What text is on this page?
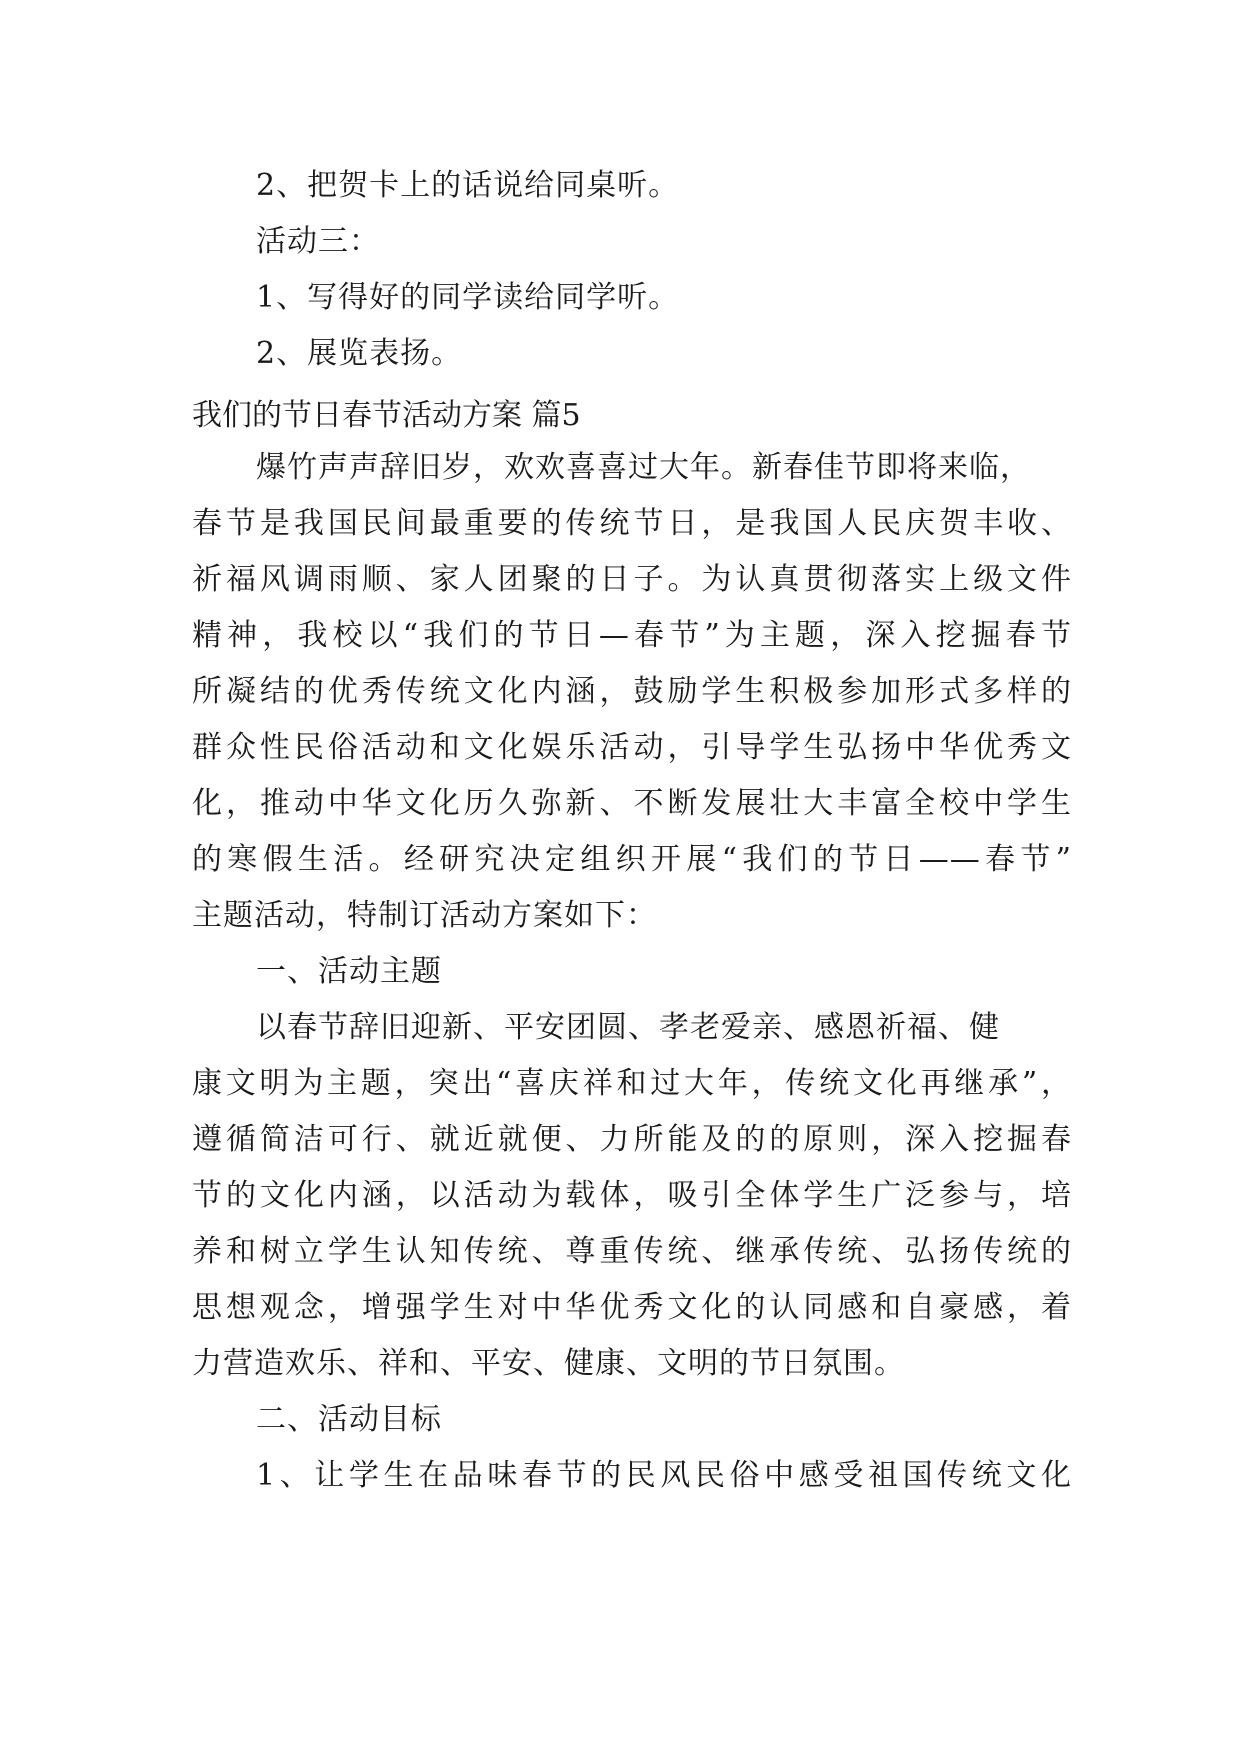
2、把贺卡上的话说给同桌听。
活动三：
1、写得好的同学读给同学听。
2、展览表扬。
我们的节日春节活动方案 篇5
爆竹声声辞旧岁，欢欢喜喜过大年。新春佳节即将来临，
春节是我国民间最重要的传统节日，是我国人民庆贺丰收、
祈福风调雨顺、家人团聚的日子。为认真贯彻落实上级文件
精神，我校以“我们的节日—春节”为主题，深入挖掘春节
所凝结的优秀传统文化内涵，鼓励学生积极参加形式多样的
群众性民俗活动和文化娱乐活动，引导学生弘扬中华优秀文
化，推动中华文化历久弥新、不断发展壮大丰富全校中学生
的寒假生活。经研究决定组织开展“我们的节日——春节”
主题活动，特制订活动方案如下：
一、活动主题
以春节辞旧迎新、平安团圆、孝老爱亲、感恩祈福、健
康文明为主题，突出“喜庆祥和过大年，传统文化再继承”，
遵循简洁可行、就近就便、力所能及的的原则，深入挖掘春
节的文化内涵，以活动为载体，吸引全体学生广泛参与，培
养和树立学生认知传统、尊重传统、继承传统、弘扬传统的
思想观念，增强学生对中华优秀文化的认同感和自豪感，着
力营造欢乐、祥和、平安、健康、文明的节日氛围。
二、活动目标
1、让学生在品味春节的民风民俗中感受祖国传统文化
